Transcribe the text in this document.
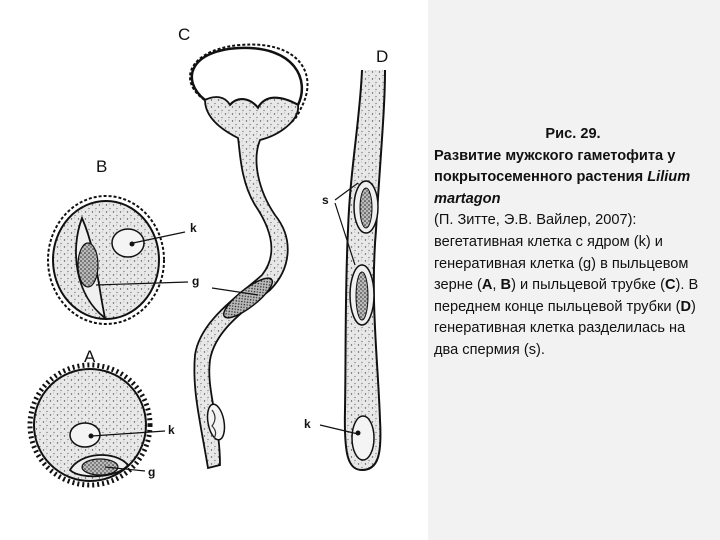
C
D
B
A
k
g
k
g
s
k
Рис. 29.
Развитие мужского гаметофита у покрытосеменного растения Lilium martagon
(П. Зитте, Э.В. Вайлер, 2007): вегетативная клетка с ядром (k) и генеративная клетка (g) в пыльцевом зерне (A, B) и пыльцевой трубке (C). В переднем конце пыльцевой трубки (D) генеративная клетка разделилась на два спермия (s).
